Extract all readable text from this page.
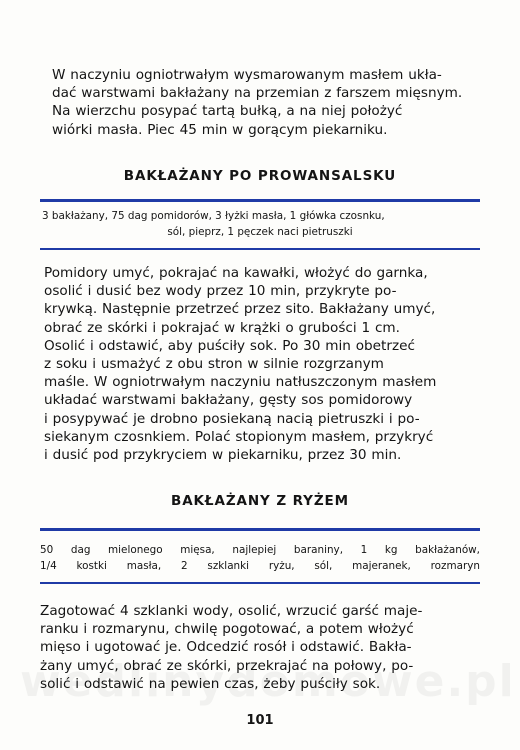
W naczyniu ogniotrwałym wysmarowanym masłem ukła-
dać warstwami bakłażany na przemian z farszem mięsnym.
Na wierzchu posypać tartą bułką, a na niej położyć
wiórki masła. Piec 45 min w gorącym piekarniku.
BAKŁAŻANY PO PROWANSALSKU
3 bakłażany, 75 dag pomidorów, 3 łyżki masła, 1 główka czosnku,
sól, pieprz, 1 pęczek naci pietruszki
Pomidory umyć, pokrajać na kawałki, włożyć do garnka,
osolić i dusić bez wody przez 10 min, przykryte po-
krywką. Następnie przetrzeć przez sito. Bakłażany umyć,
obrać ze skórki i pokrajać w krążki o grubości 1 cm.
Osolić i odstawić, aby puściły sok. Po 30 min obetrzeć
z soku i usmażyć z obu stron w silnie rozgrzanym
maśle. W ogniotrwałym naczyniu natłuszczonym masłem
układać warstwami bakłażany, gęsty sos pomidorowy
i posypywać je drobno posiekaną nacią pietruszki i po-
siekanym czosnkiem. Polać stopionym masłem, przykryć
i dusić pod przykryciem w piekarniku, przez 30 min.
BAKŁAŻANY Z RYŻEM
50 dag mielonego mięsa, najlepiej baraniny, 1 kg bakłażanów,
1/4 kostki masła, 2 szklanki ryżu, sól, majeranek, rozmaryn
Zagotować 4 szklanki wody, osolić, wrzucić garść maje-
ranku i rozmarynu, chwilę pogotować, a potem włożyć
mięso i ugotować je. Odcedzić rosół i odstawić. Bakła-
żany umyć, obrać ze skórki, przekrajać na połowy, po-
solić i odstawić na pewien czas, żeby puściły sok.
101
